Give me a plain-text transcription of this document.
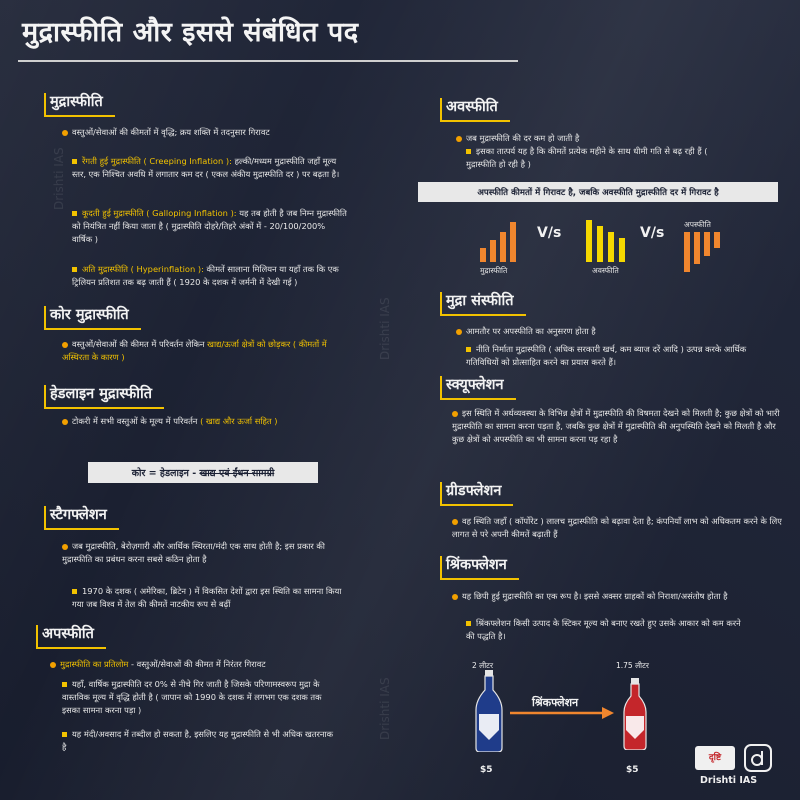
Drishti IAS
Drishti IAS
Drishti IAS
मुद्रास्फीति और इससे संबंधित पद
मुद्रास्फीति
वस्तुओं/सेवाओं की कीमतों में वृद्धि; क्रय शक्ति में तदनुसार गिरावट
रेंगती हुई मुद्रास्फीति ( Creeping Inflation ): हल्की/मध्यम मुद्रास्फीति जहाँ मूल्य स्तर, एक निश्चित अवधि में लगातार कम दर ( एकल अंकीय मुद्रास्फीति दर ) पर बढ़ता है।
कूदती हुई मुद्रास्फीति ( Galloping Inflation ): यह तब होती है जब निम्न मुद्रास्फीति को नियंत्रित नहीं किया जाता है ( मुद्रास्फीति दोहरे/तिहरे अंकों में - 20/100/200% वार्षिक )
अति मुद्रास्फीति ( Hyperinflation ): कीमतें सालाना मिलियन या यहाँ तक कि एक ट्रिलियन प्रतिशत तक बढ़ जाती हैं ( 1920 के दशक में जर्मनी में देखी गई )
कोर मुद्रास्फीति
वस्तुओं/सेवाओं की कीमत में परिवर्तन लेकिन खाद्य/ऊर्जा क्षेत्रों को छोड़कर ( कीमतों में अस्थिरता के कारण )
हेडलाइन मुद्रास्फीति
टोकरी में सभी वस्तुओं के मूल्य में परिवर्तन ( खाद्य और ऊर्जा सहित )
कोर = हेडलाइन - खाद्य एवं ईंधन सामग्री
स्टैगफ्लेशन
जब मुद्रास्फीति, बेरोज़गारी और आर्थिक स्थिरता/मंदी एक साथ होती है; इस प्रकार की मुद्रास्फीति का प्रबंधन करना सबसे कठिन होता है
1970 के दशक ( अमेरिका, ब्रिटेन ) में विकसित देशों द्वारा इस स्थिति का सामना किया गया जब विश्व में तेल की कीमतें नाटकीय रूप से बढ़ीं
अपस्फीति
मुद्रास्फीति का प्रतिलोम - वस्तुओं/सेवाओं की कीमत में निरंतर गिरावट
यहाँ, वार्षिक मुद्रास्फीति दर 0% से नीचे गिर जाती है जिसके परिणामस्वरूप मुद्रा के वास्तविक मूल्य में वृद्धि होती है ( जापान को 1990 के दशक में लगभग एक दशक तक इसका सामना करना पड़ा )
यह मंदी/अवसाद में तब्दील हो सकता है, इसलिए यह मुद्रास्फीति से भी अधिक खतरनाक है
अवस्फीति
जब मुद्रास्फीति की दर कम हो जाती है
इसका तात्पर्य यह है कि कीमतें प्रत्येक महीने के साथ धीमी गति से बढ़ रही हैं ( मुद्रास्फीति हो रही है )
अपस्फीति कीमतों में गिरावट है, जबकि अवस्फीति मुद्रास्फीति दर में गिरावट है
मुद्रास्फीति
V/s
अवस्फीति
V/s
अपस्फीति
मुद्रा संस्फीति
आमतौर पर अपस्फीति का अनुसरण होता है
नीति निर्माता मुद्रास्फीति ( अधिक सरकारी खर्च, कम ब्याज दरें आदि ) उत्पन्न करके आर्थिक गतिविधियों को प्रोत्साहित करने का प्रयास करते हैं।
स्क्यूफ्लेशन
इस स्थिति में अर्थव्यवस्था के विभिन्न क्षेत्रों में मुद्रास्फीति की विषमता देखने को मिलती है; कुछ क्षेत्रों को भारी मुद्रास्फीति का सामना करना पड़ता है, जबकि कुछ क्षेत्रों में मुद्रास्फीति की अनुपस्थिति देखने को मिलती है और कुछ क्षेत्रों को अपस्फीति का भी सामना करना पड़ रहा है
ग्रीडफ्लेशन
वह स्थिति जहाँ ( कॉर्पोरेट ) लालच मुद्रास्फीति को बढ़ावा देता है; कंपनियाँ लाभ को अधिकतम करने के लिए लागत से परे अपनी कीमतें बढ़ाती हैं
श्रिंकफ्लेशन
यह छिपी हुई मुद्रास्फीति का एक रूप है। इससे अक्सर ग्राहकों को निराशा/असंतोष होता है
श्रिंकफ्लेशन किसी उत्पाद के स्टिकर मूल्य को बनाए रखते हुए उसके आकार को कम करने की पद्धति है।
2 लीटर
$5
1.75 लीटर
$5
श्रिंकफ्लेशन
दृष्टि
Drishti IAS
